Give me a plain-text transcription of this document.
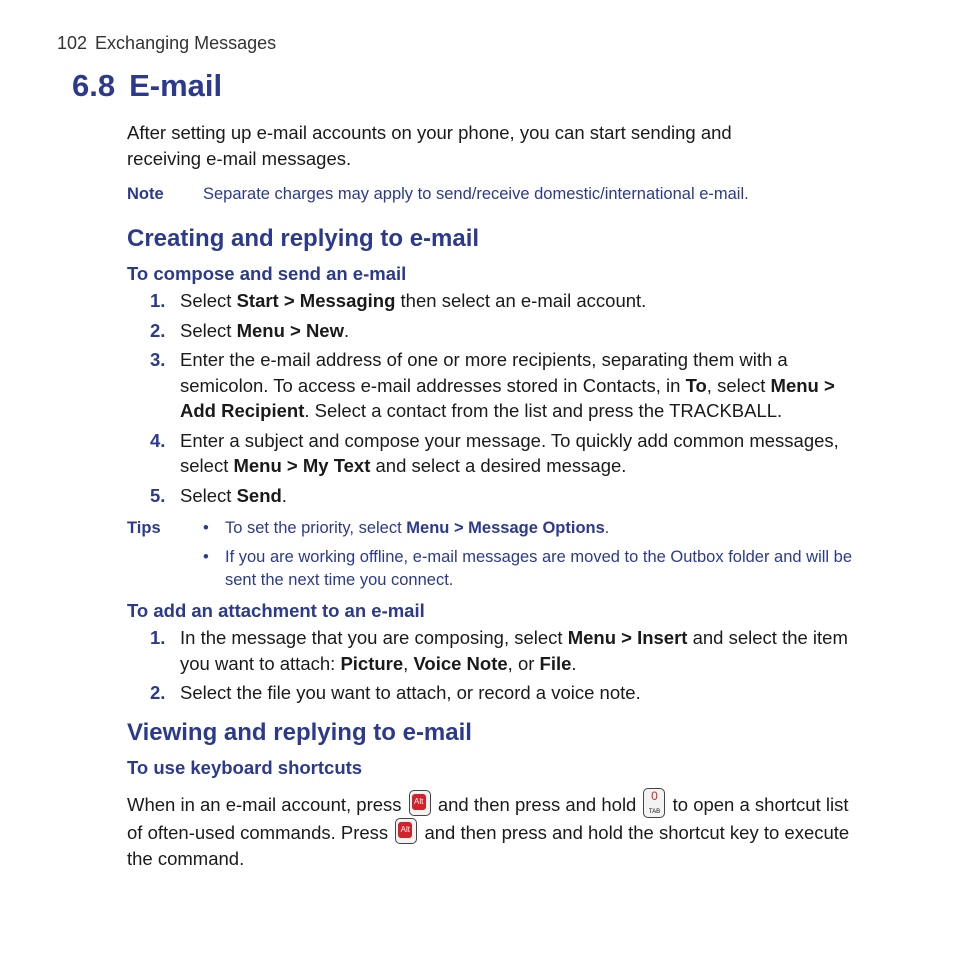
102 Exchanging Messages
6.8 E-mail
After setting up e-mail accounts on your phone, you can start sending and receiving e-mail messages.
Note Separate charges may apply to send/receive domestic/international e-mail.
Creating and replying to e-mail
To compose and send an e-mail
1. Select Start > Messaging then select an e-mail account.
2. Select Menu > New.
3. Enter the e-mail address of one or more recipients, separating them with a semicolon. To access e-mail addresses stored in Contacts, in To, select Menu > Add Recipient. Select a contact from the list and press the TRACKBALL.
4. Enter a subject and compose your message. To quickly add common messages, select Menu > My Text and select a desired message.
5. Select Send.
Tips	• To set the priority, select Menu > Message Options.
• If you are working offline, e-mail messages are moved to the Outbox folder and will be sent the next time you connect.
To add an attachment to an e-mail
1. In the message that you are composing, select Menu > Insert and select the item you want to attach: Picture, Voice Note, or File.
2. Select the file you want to attach, or record a voice note.
Viewing and replying to e-mail
To use keyboard shortcuts
When in an e-mail account, press Alt and then press and hold 0
TAB to open a shortcut list of often-used commands. Press Alt and then press and hold the shortcut key to execute the command.
